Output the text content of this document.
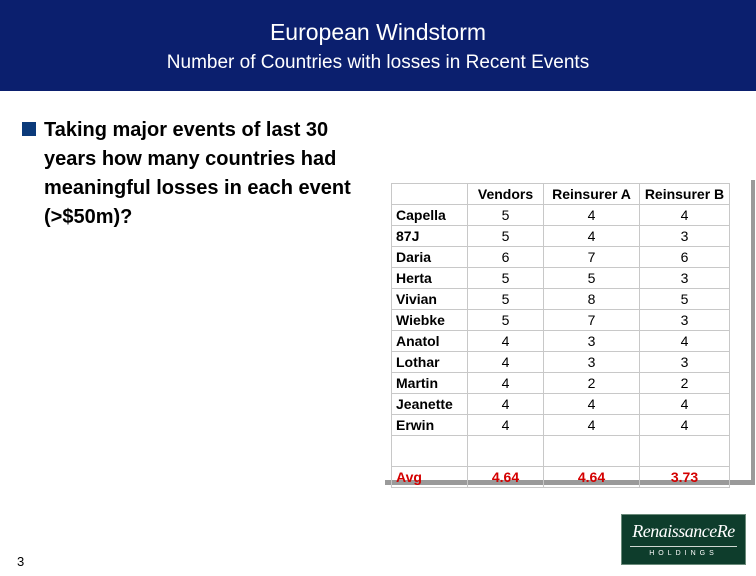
European Windstorm
Number of Countries with losses in Recent Events
Taking major events of last 30 years how many countries had meaningful losses in each event (>$50m)?
	Vendors	Reinsurer A	Reinsurer B
Capella	5	4	4
87J	5	4	3
Daria	6	7	6
Herta	5	5	3
Vivian	5	8	5
Wiebke	5	7	3
Anatol	4	3	4
Lothar	4	3	3
Martin	4	2	2
Jeanette	4	4	4
Erwin	4	4	4

Avg	4.64	4.64	3.73
3
RenaissanceRe
HOLDINGS
